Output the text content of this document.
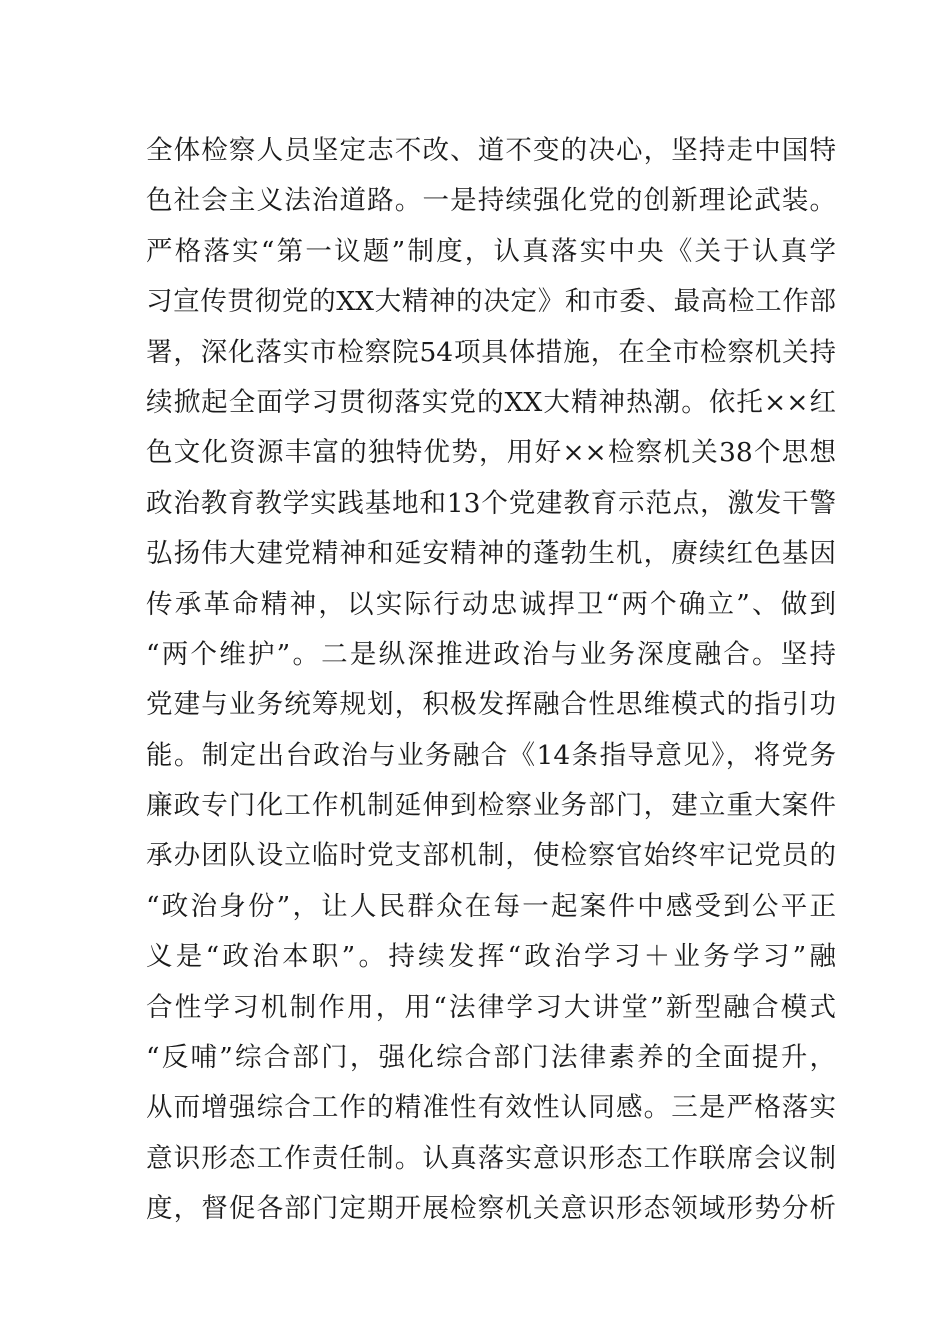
全体检察人员坚定志不改、道不变的决心，坚持走中国特
色社会主义法治道路。一是持续强化党的创新理论武装。
严格落实“第一议题”制度，认真落实中央《关于认真学
习宣传贯彻党的XX大精神的决定》和市委、最高检工作部
署，深化落实市检察院54项具体措施，在全市检察机关持
续掀起全面学习贯彻落实党的XX大精神热潮。依托××红
色文化资源丰富的独特优势，用好××检察机关38个思想
政治教育教学实践基地和13个党建教育示范点，激发干警
弘扬伟大建党精神和延安精神的蓬勃生机，赓续红色基因
传承革命精神，以实际行动忠诚捍卫“两个确立”、做到
“两个维护”。二是纵深推进政治与业务深度融合。坚持
党建与业务统筹规划，积极发挥融合性思维模式的指引功
能。制定出台政治与业务融合《14条指导意见》，将党务
廉政专门化工作机制延伸到检察业务部门，建立重大案件
承办团队设立临时党支部机制，使检察官始终牢记党员的
“政治身份”，让人民群众在每一起案件中感受到公平正
义是“政治本职”。持续发挥“政治学习＋业务学习”融
合性学习机制作用，用“法律学习大讲堂”新型融合模式
“反哺”综合部门，强化综合部门法律素养的全面提升，
从而增强综合工作的精准性有效性认同感。三是严格落实
意识形态工作责任制。认真落实意识形态工作联席会议制
度，督促各部门定期开展检察机关意识形态领域形势分析
